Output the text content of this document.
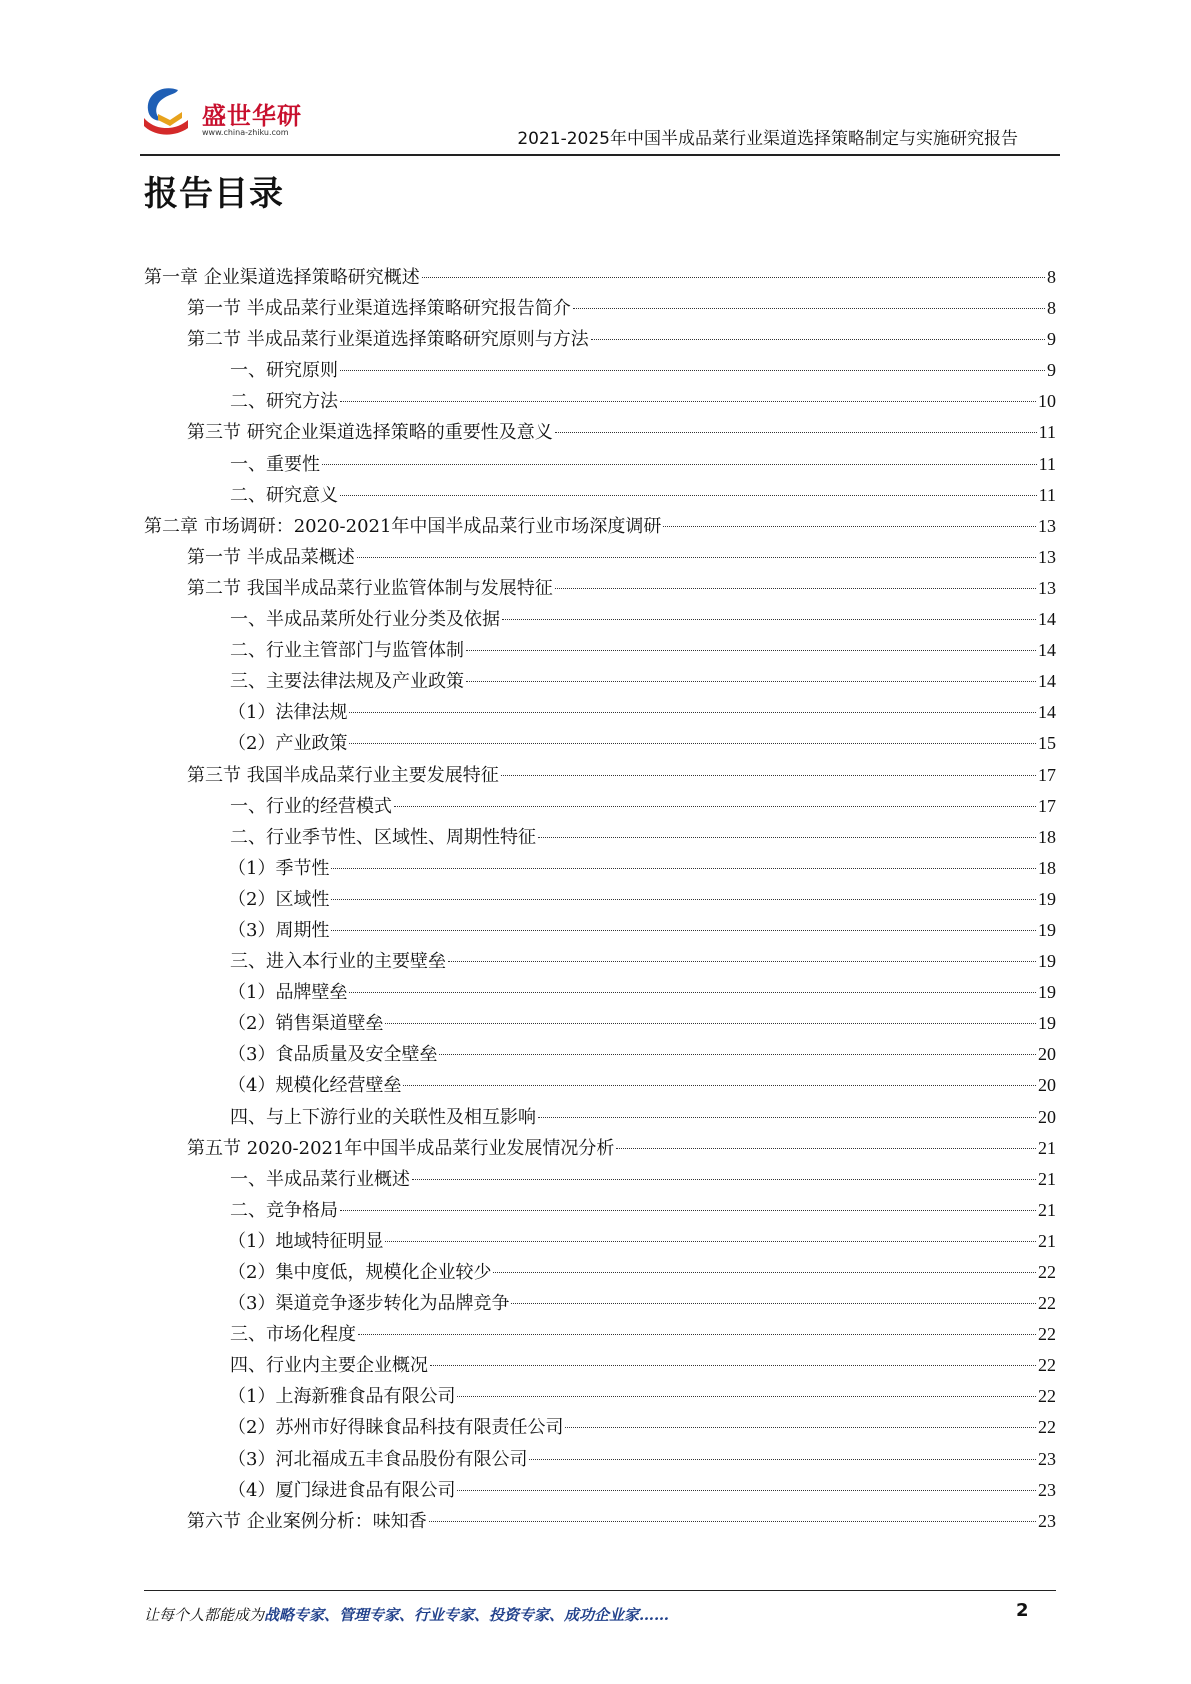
盛世华研
www.china-zhiku.com	2021-2025年中国半成品菜行业渠道选择策略制定与实施研究报告
报告目录
第一章 企业渠道选择策略研究概述	8
第一节 半成品菜行业渠道选择策略研究报告简介	8
第二节 半成品菜行业渠道选择策略研究原则与方法	9
一、研究原则	9
二、研究方法	10
第三节 研究企业渠道选择策略的重要性及意义	11
一、重要性	11
二、研究意义	11
第二章 市场调研：2020-2021年中国半成品菜行业市场深度调研	13
第一节 半成品菜概述	13
第二节 我国半成品菜行业监管体制与发展特征	13
一、半成品菜所处行业分类及依据	14
二、行业主管部门与监管体制	14
三、主要法律法规及产业政策	14
（1）法律法规	14
（2）产业政策	15
第三节 我国半成品菜行业主要发展特征	17
一、行业的经营模式	17
二、行业季节性、区域性、周期性特征	18
（1）季节性	18
（2）区域性	19
（3）周期性	19
三、进入本行业的主要壁垒	19
（1）品牌壁垒	19
（2）销售渠道壁垒	19
（3）食品质量及安全壁垒	20
（4）规模化经营壁垒	20
四、与上下游行业的关联性及相互影响	20
第五节 2020-2021年中国半成品菜行业发展情况分析	21
一、半成品菜行业概述	21
二、竞争格局	21
（1）地域特征明显	21
（2）集中度低，规模化企业较少	22
（3）渠道竞争逐步转化为品牌竞争	22
三、市场化程度	22
四、行业内主要企业概况	22
（1）上海新雅食品有限公司	22
（2）苏州市好得睐食品科技有限责任公司	22
（3）河北福成五丰食品股份有限公司	23
（4）厦门绿进食品有限公司	23
第六节 企业案例分析：味知香	23
让每个人都能成为战略专家、管理专家、行业专家、投资专家、成功企业家……	2
